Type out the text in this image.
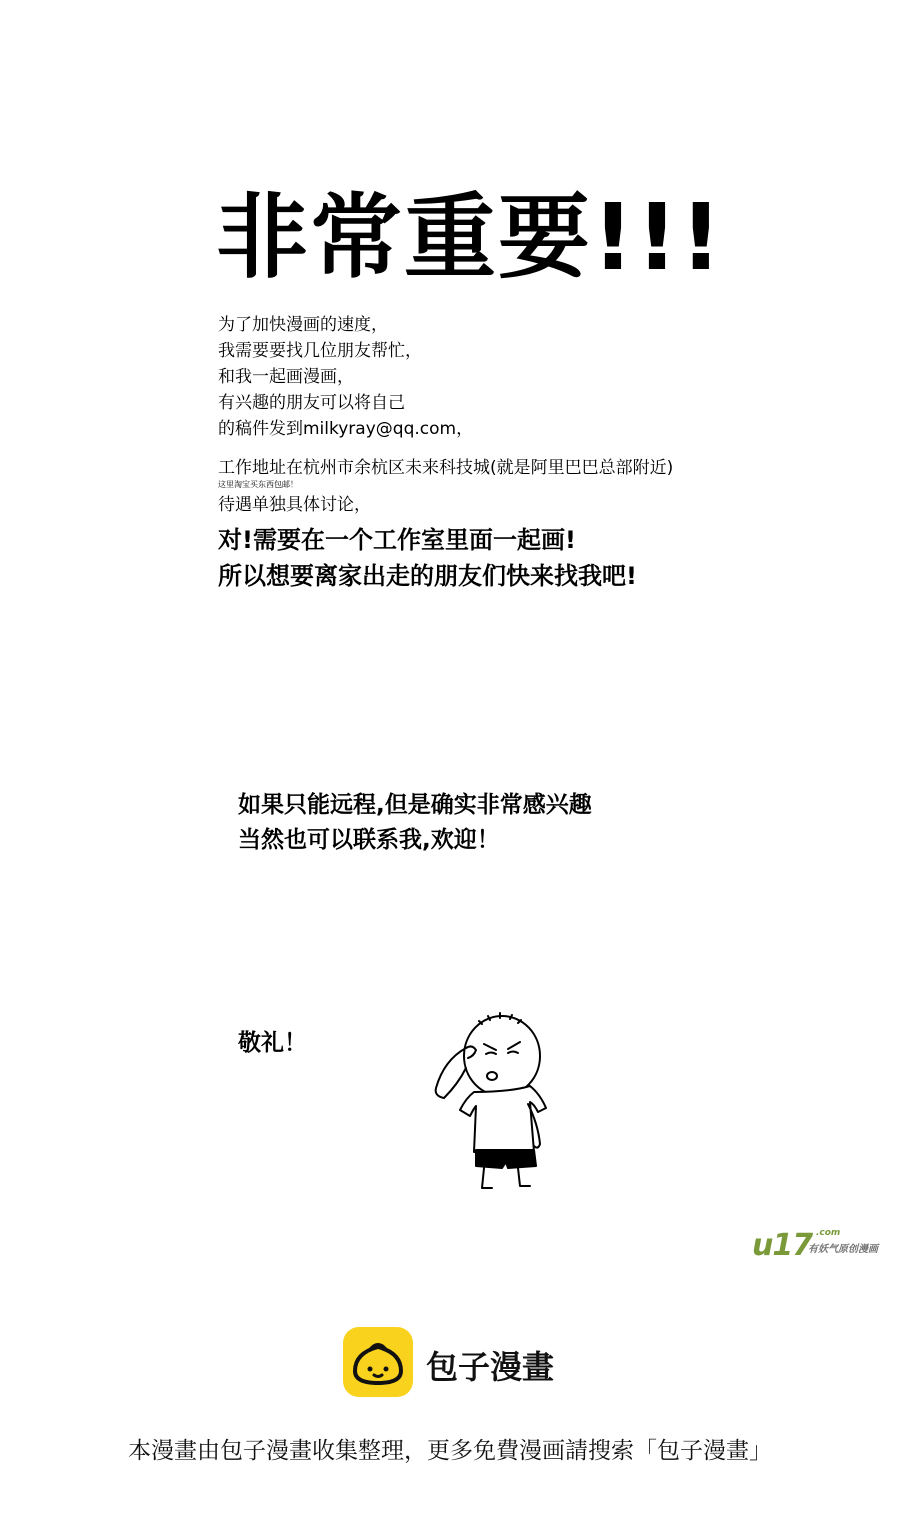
非常重要!!!
为了加快漫画的速度，
我需要要找几位朋友帮忙，
和我一起画漫画，
有兴趣的朋友可以将自己
的稿件发到milkyray@qq.com，
工作地址在杭州市余杭区未来科技城(就是阿里巴巴总部附近)
这里淘宝买东西包邮！
待遇单独具体讨论，
对!需要在一个工作室里面一起画!
所以想要离家出走的朋友们快来找我吧!
如果只能远程,但是确实非常感兴趣
当然也可以联系我,欢迎！
敬礼！
u17 .com
有妖气原创漫画
包子漫畫
本漫畫由包子漫畫收集整理，更多免費漫画請搜索「包子漫畫」
